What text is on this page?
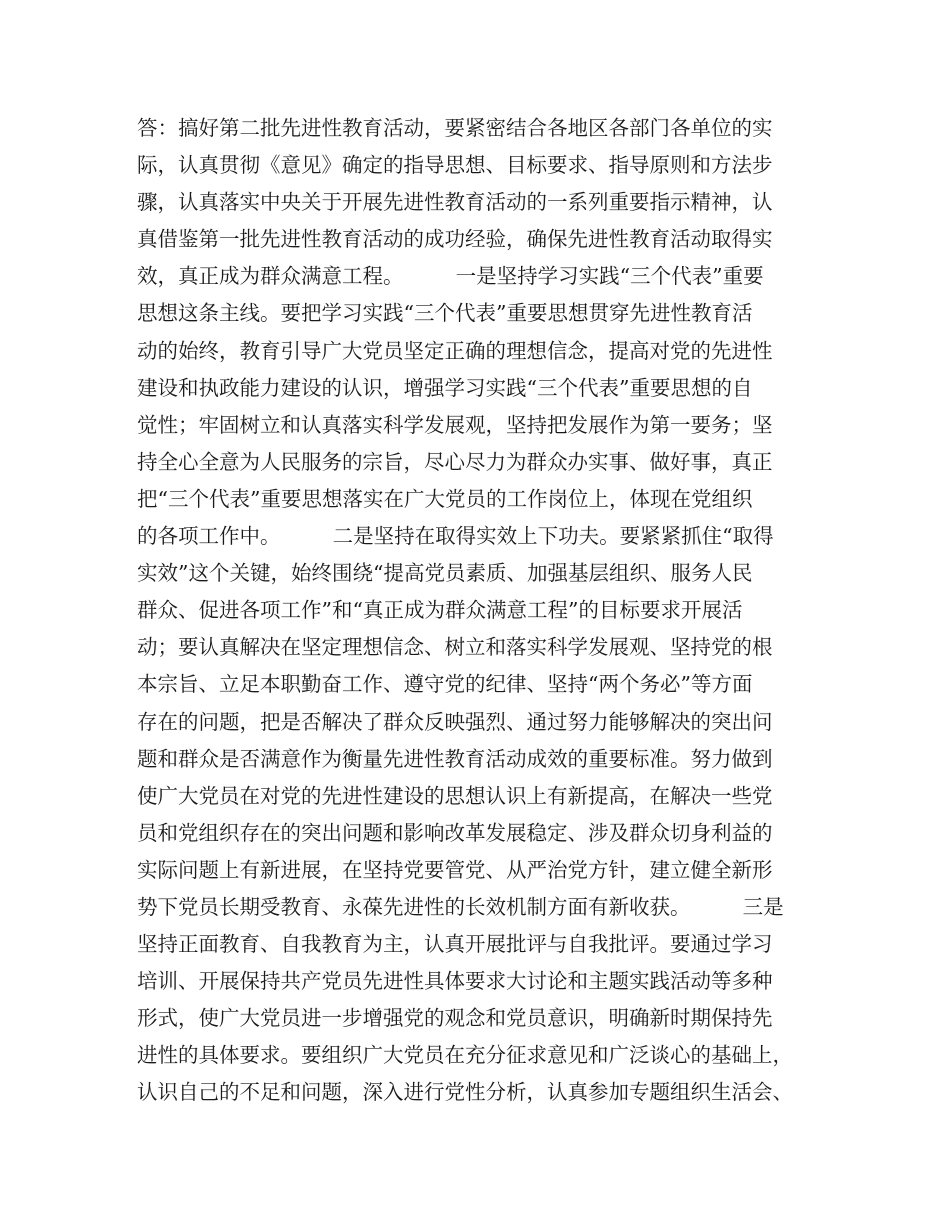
答：搞好第二批先进性教育活动，要紧密结合各地区各部门各单位的实
际，认真贯彻《意见》确定的指导思想、目标要求、指导原则和方法步
骤，认真落实中央关于开展先进性教育活动的一系列重要指示精神，认
真借鉴第一批先进性教育活动的成功经验，确保先进性教育活动取得实
效，真正成为群众满意工程。        一是坚持学习实践“三个代表”重要
思想这条主线。要把学习实践“三个代表”重要思想贯穿先进性教育活
动的始终，教育引导广大党员坚定正确的理想信念，提高对党的先进性
建设和执政能力建设的认识，增强学习实践“三个代表”重要思想的自
觉性；牢固树立和认真落实科学发展观，坚持把发展作为第一要务；坚
持全心全意为人民服务的宗旨，尽心尽力为群众办实事、做好事，真正
把“三个代表”重要思想落实在广大党员的工作岗位上，体现在党组织
的各项工作中。        二是坚持在取得实效上下功夫。要紧紧抓住“取得
实效”这个关键，始终围绕“提高党员素质、加强基层组织、服务人民
群众、促进各项工作”和“真正成为群众满意工程”的目标要求开展活
动；要认真解决在坚定理想信念、树立和落实科学发展观、坚持党的根
本宗旨、立足本职勤奋工作、遵守党的纪律、坚持“两个务必”等方面
存在的问题，把是否解决了群众反映强烈、通过努力能够解决的突出问
题和群众是否满意作为衡量先进性教育活动成效的重要标准。努力做到
使广大党员在对党的先进性建设的思想认识上有新提高，在解决一些党
员和党组织存在的突出问题和影响改革发展稳定、涉及群众切身利益的
实际问题上有新进展，在坚持党要管党、从严治党方针，建立健全新形
势下党员长期受教育、永葆先进性的长效机制方面有新收获。        三是
坚持正面教育、自我教育为主，认真开展批评与自我批评。要通过学习
培训、开展保持共产党员先进性具体要求大讨论和主题实践活动等多种
形式，使广大党员进一步增强党的观念和党员意识，明确新时期保持先
进性的具体要求。要组织广大党员在充分征求意见和广泛谈心的基础上，
认识自己的不足和问题，深入进行党性分析，认真参加专题组织生活会、
